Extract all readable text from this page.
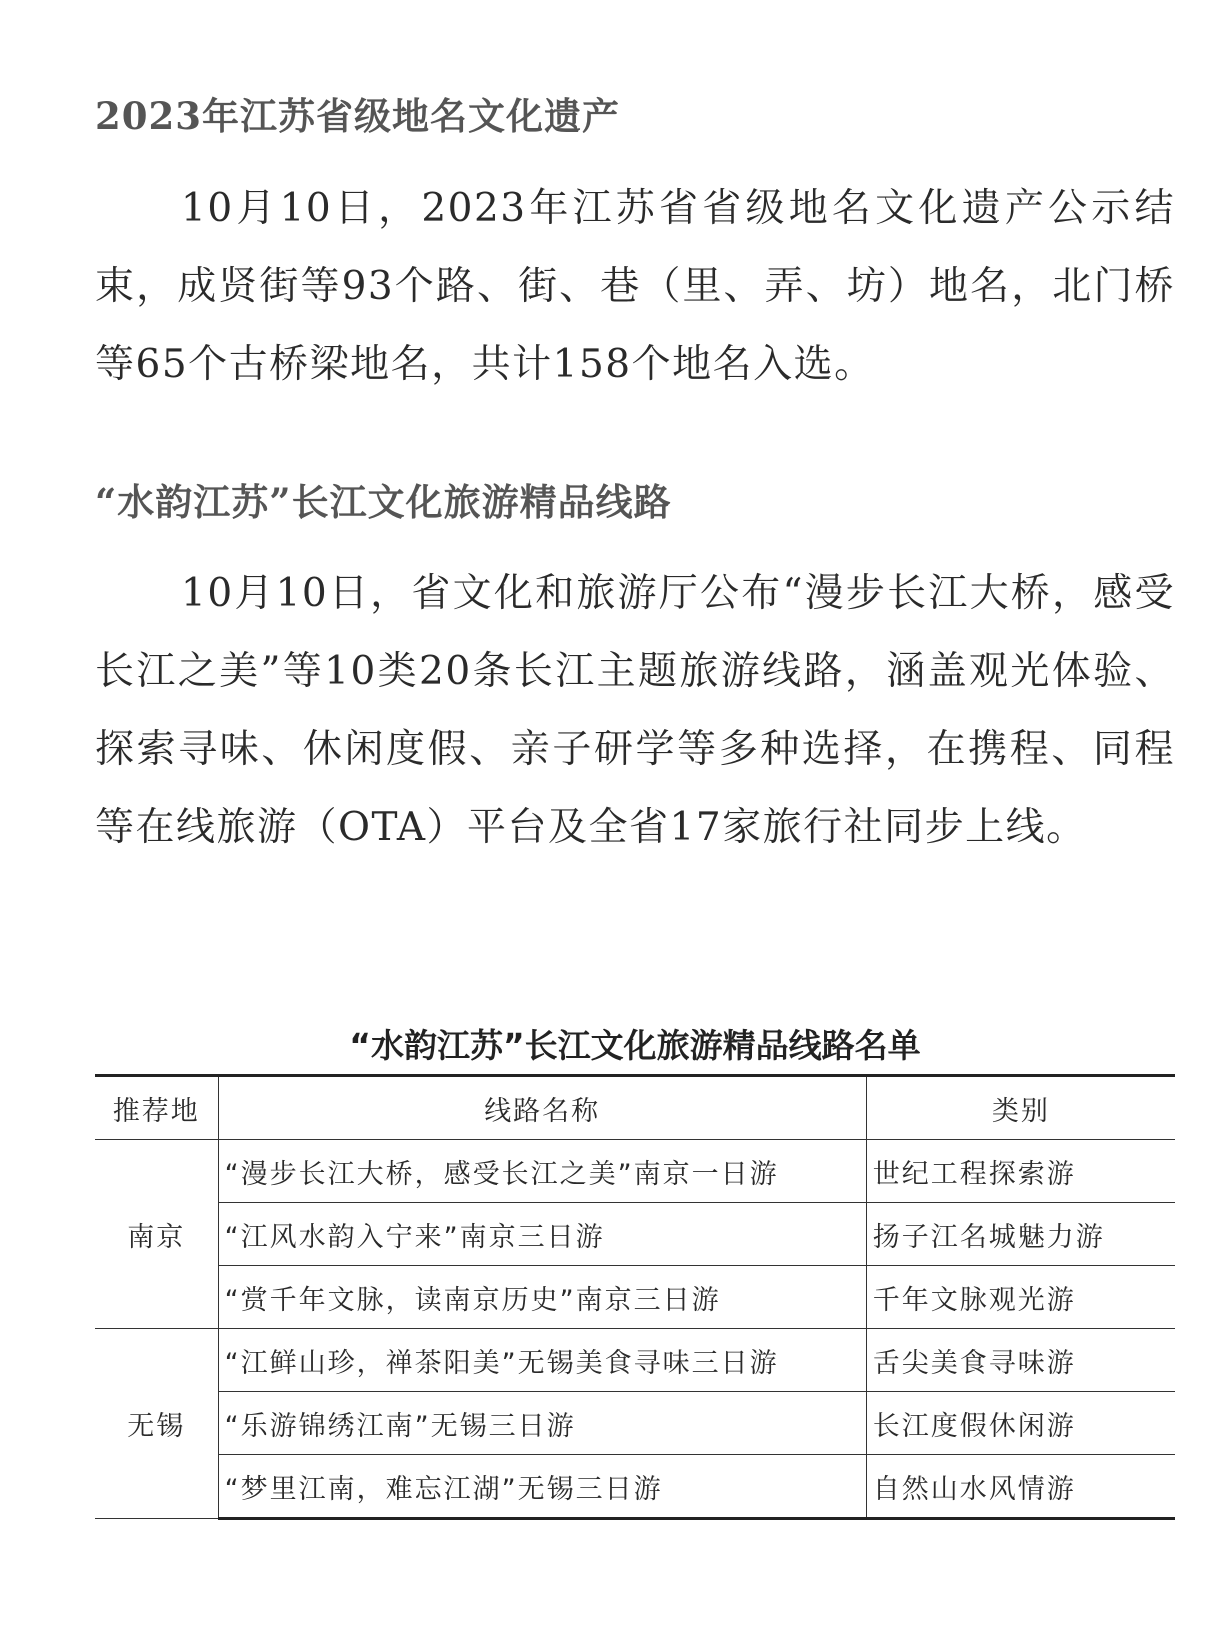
2023年江苏省级地名文化遗产

10月10日，2023年江苏省省级地名文化遗产公示结束，成贤街等93个路、街、巷（里、弄、坊）地名，北门桥等65个古桥梁地名，共计158个地名入选。

“水韵江苏”长江文化旅游精品线路

10月10日，省文化和旅游厅公布“漫步长江大桥，感受长江之美”等10类20条长江主题旅游线路，涵盖观光体验、探索寻味、休闲度假、亲子研学等多种选择，在携程、同程等在线旅游（OTA）平台及全省17家旅行社同步上线。

“水韵江苏”长江文化旅游精品线路名单
推荐地	线路名称	类别
南京	“漫步长江大桥，感受长江之美”南京一日游	世纪工程探索游
	“江风水韵入宁来”南京三日游	扬子江名城魅力游
	“赏千年文脉，读南京历史”南京三日游	千年文脉观光游
无锡	“江鲜山珍，禅茶阳美”无锡美食寻味三日游	舌尖美食寻味游
	“乐游锦绣江南”无锡三日游	长江度假休闲游
	“梦里江南，难忘江湖”无锡三日游	自然山水风情游
